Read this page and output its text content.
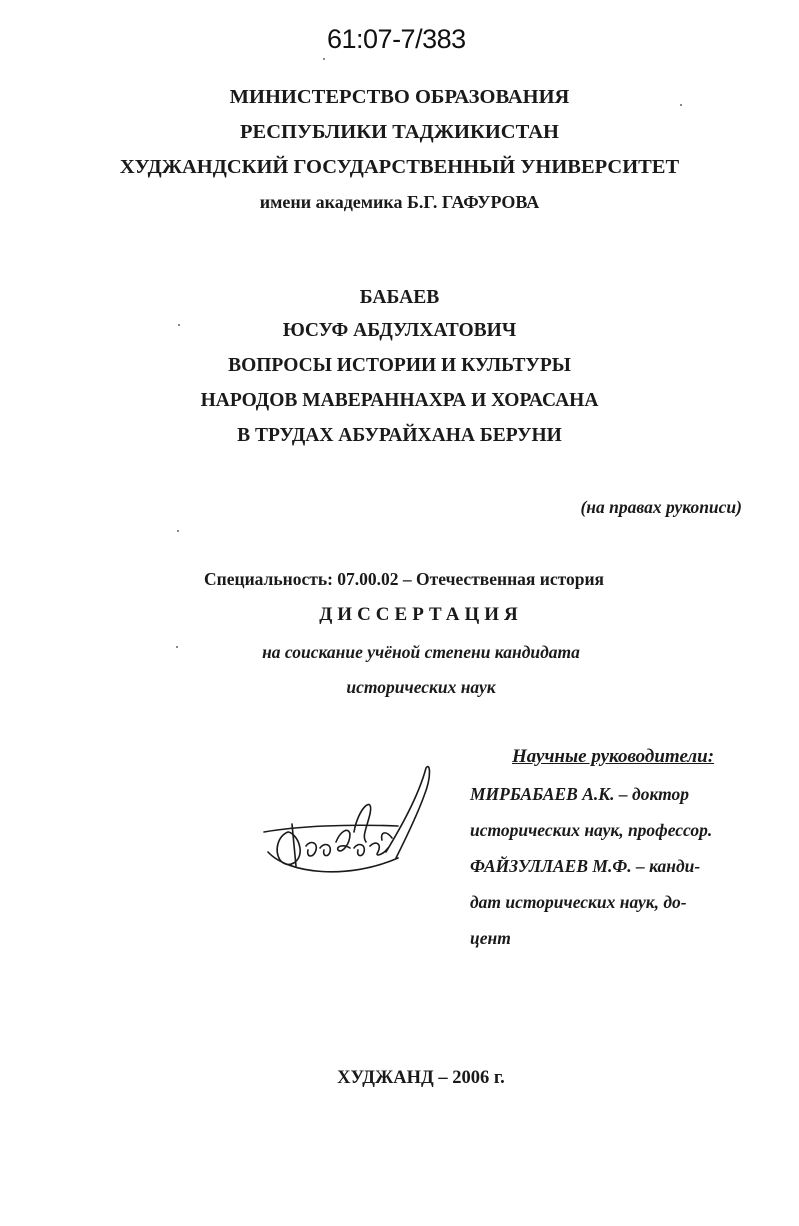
61:07-7/383
МИНИСТЕРСТВО ОБРАЗОВАНИЯ
РЕСПУБЛИКИ ТАДЖИКИСТАН
ХУДЖАНДСКИЙ ГОСУДАРСТВЕННЫЙ УНИВЕРСИТЕТ
имени академика Б.Г. ГАФУРОВА
БАБАЕВ
ЮСУФ АБДУЛХАТОВИЧ
ВОПРОСЫ ИСТОРИИ И КУЛЬТУРЫ
НАРОДОВ МАВЕРАННАХРА И ХОРАСАНА
В ТРУДАХ АБУРАЙХАНА БЕРУНИ
(на правах рукописи)
Специальность: 07.00.02 – Отечественная история
ДИССЕРТАЦИЯ
на соискание учёной степени кандидата
исторических наук
Научные руководители:
МИРБАБАЕВ А.К. – доктор
исторических наук, профессор.
ФАЙЗУЛЛАЕВ М.Ф. – канди-
дат исторических наук, до-
цент
ХУДЖАНД – 2006 г.
